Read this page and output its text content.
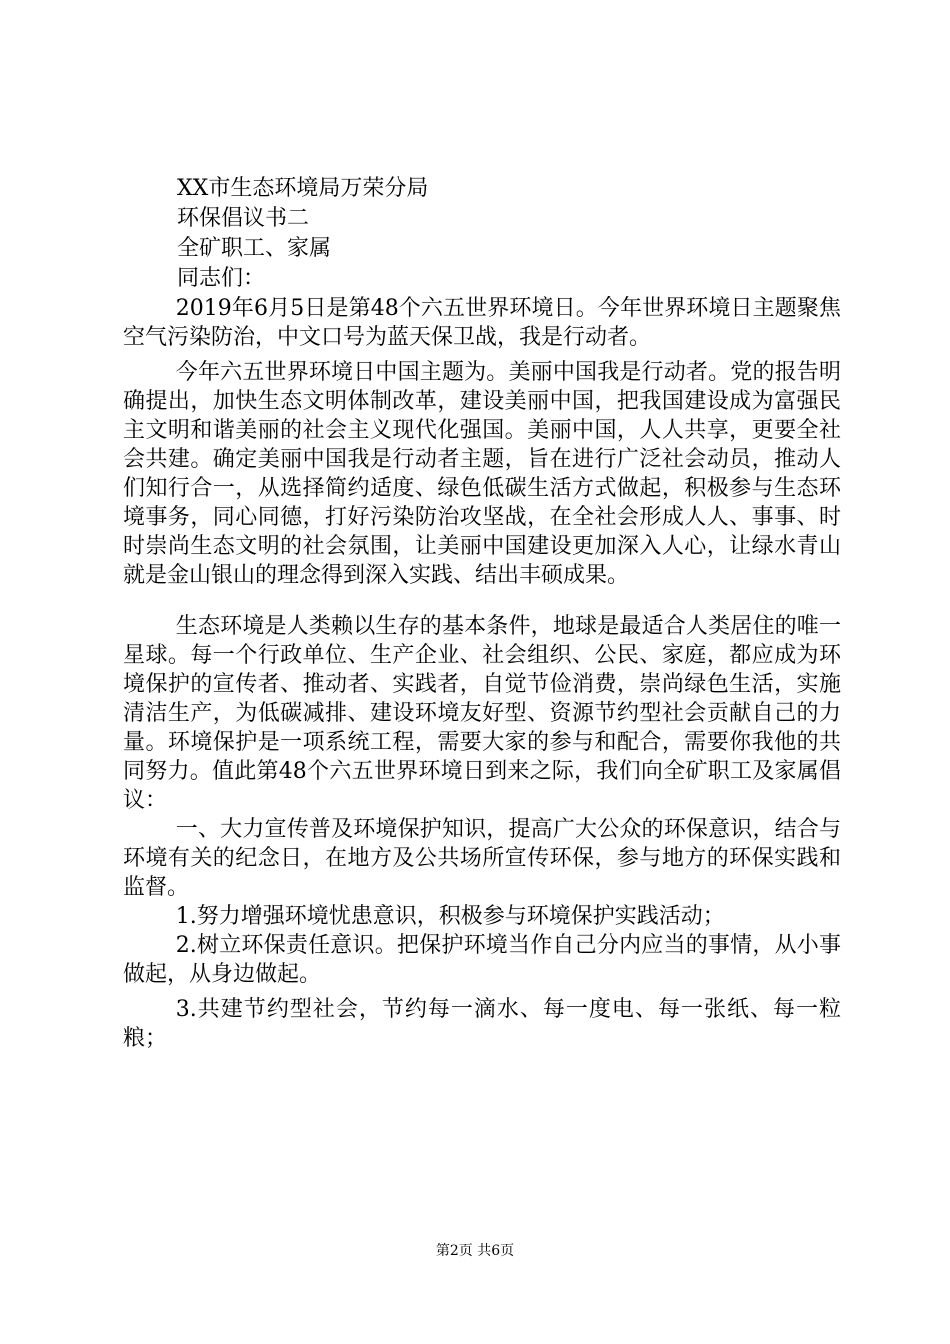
XX市生态环境局万荣分局

环保倡议书二

全矿职工、家属

同志们：

2019年6月5日是第48个六五世界环境日。今年世界环境日主题聚焦空气污染防治，中文口号为蓝天保卫战，我是行动者。

今年六五世界环境日中国主题为。美丽中国我是行动者。党的报告明确提出，加快生态文明体制改革，建设美丽中国，把我国建设成为富强民主文明和谐美丽的社会主义现代化强国。美丽中国，人人共享，更要全社会共建。确定美丽中国我是行动者主题，旨在进行广泛社会动员，推动人们知行合一，从选择简约适度、绿色低碳生活方式做起，积极参与生态环境事务，同心同德，打好污染防治攻坚战，在全社会形成人人、事事、时时崇尚生态文明的社会氛围，让美丽中国建设更加深入人心，让绿水青山就是金山银山的理念得到深入实践、结出丰硕成果。

生态环境是人类赖以生存的基本条件，地球是最适合人类居住的唯一星球。每一个行政单位、生产企业、社会组织、公民、家庭，都应成为环境保护的宣传者、推动者、实践者，自觉节俭消费，崇尚绿色生活，实施清洁生产，为低碳减排、建设环境友好型、资源节约型社会贡献自己的力量。环境保护是一项系统工程，需要大家的参与和配合，需要你我他的共同努力。值此第48个六五世界环境日到来之际，我们向全矿职工及家属倡议：

一、大力宣传普及环境保护知识，提高广大公众的环保意识，结合与环境有关的纪念日，在地方及公共场所宣传环保，参与地方的环保实践和监督。

1.努力增强环境忧患意识，积极参与环境保护实践活动；

2.树立环保责任意识。把保护环境当作自己分内应当的事情，从小事做起，从身边做起。

3.共建节约型社会，节约每一滴水、每一度电、每一张纸、每一粒粮；

第2页 共6页
